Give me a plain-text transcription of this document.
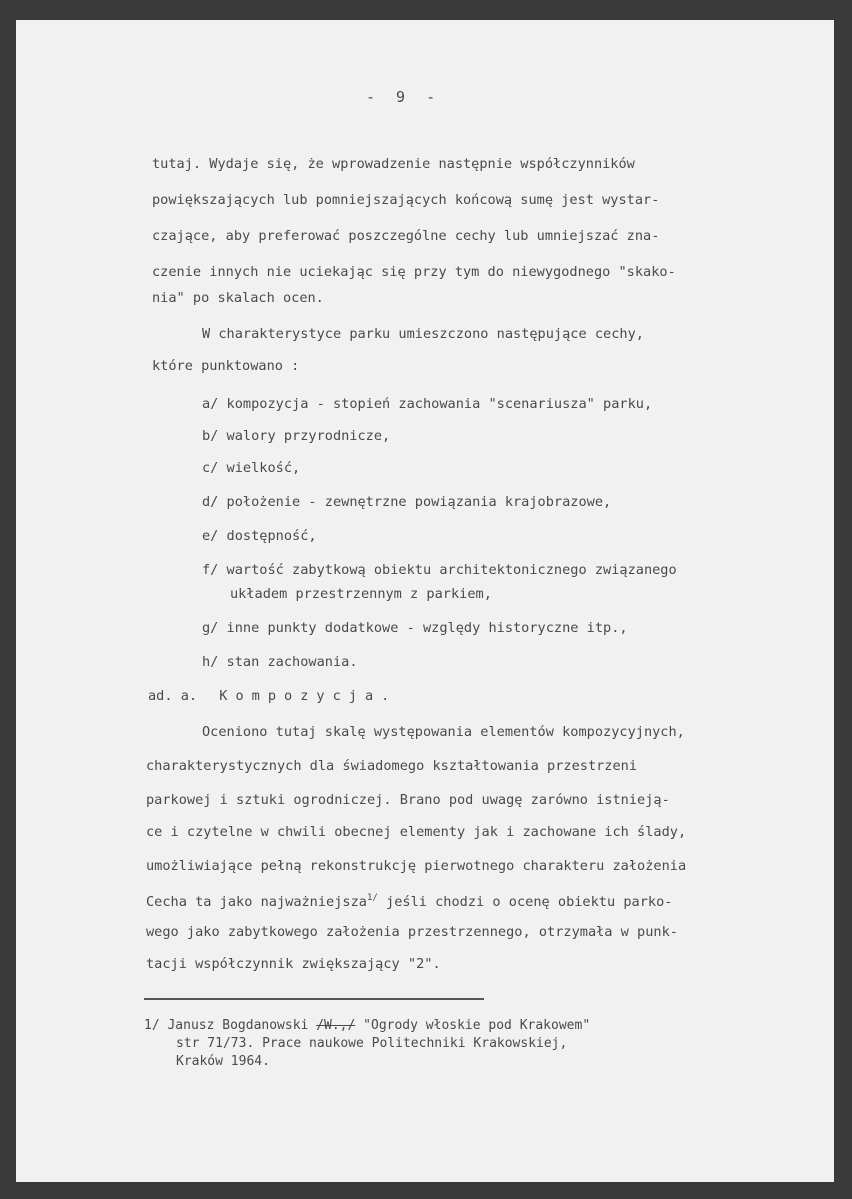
- 9 -
tutaj. Wydaje się, że wprowadzenie następnie współczynników
powiększających lub pomniejszających końcową sumę jest wystar-
czające, aby preferować poszczególne cechy lub umniejszać zna-
czenie innych nie uciekając się przy tym do niewygodnego "skako-
nia" po skalach ocen.
W charakterystyce parku umieszczono następujące cechy,
które punktowano :
a/ kompozycja - stopień zachowania "scenariusza" parku,
b/ walory przyrodnicze,
c/ wielkość,
d/ położenie - zewnętrzne powiązania krajobrazowe,
e/ dostępność,
f/ wartość zabytkową obiektu architektonicznego związanego
układem przestrzennym z parkiem,
g/ inne punkty dodatkowe - względy historyczne itp.,
h/ stan zachowania.
ad. a. Kompozycja.
Oceniono tutaj skalę występowania elementów kompozycyjnych,
charakterystycznych dla świadomego kształtowania przestrzeni
parkowej i sztuki ogrodniczej. Brano pod uwagę zarówno istnieją-
ce i czytelne w chwili obecnej elementy jak i zachowane ich ślady,
umożliwiające pełną rekonstrukcję pierwotnego charakteru założenia
Cecha ta jako najważniejsza$^{1/}$ jeśli chodzi o ocenę obiektu parko-
wego jako zabytkowego założenia przestrzennego, otrzymała w punk-
tacji współczynnik zwiększający "2".
1/ Janusz Bogdanowski /W.,/ "Ogrody włoskie pod Krakowem"
str 71/73. Prace naukowe Politechniki Krakowskiej,
Kraków 1964.
